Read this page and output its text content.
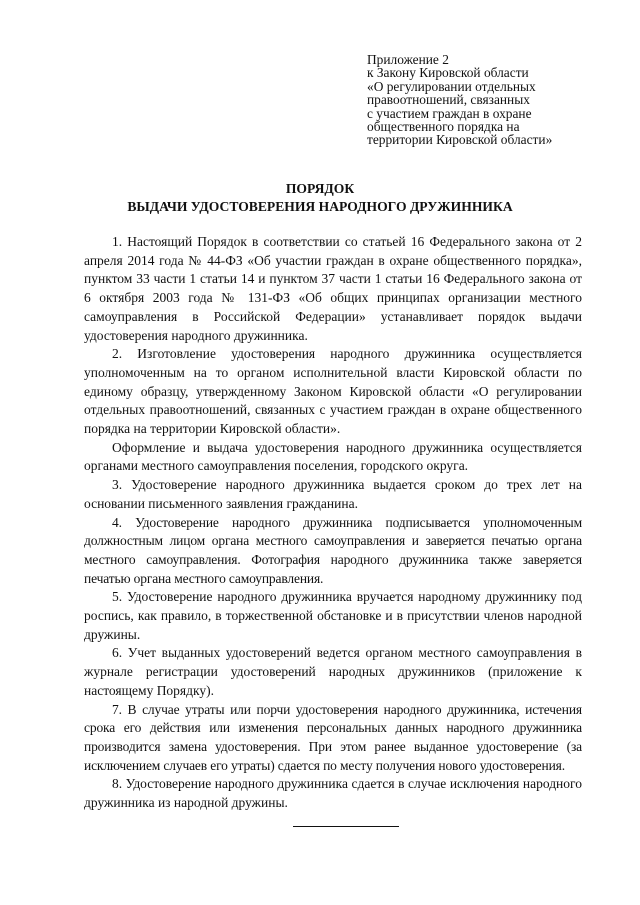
Приложение 2
к Закону Кировской области
«О регулировании отдельных
правоотношений, связанных
с участием граждан в охране
общественного порядка на
территории Кировской области»
ПОРЯДОК
ВЫДАЧИ УДОСТОВЕРЕНИЯ НАРОДНОГО ДРУЖИННИКА

1. Настоящий Порядок в соответствии со статьей 16 Федерального закона от 2 апреля 2014 года № 44-ФЗ «Об участии граждан в охране общественного порядка», пунктом 33 части 1 статьи 14 и пунктом 37 части 1 статьи 16 Федерального закона от 6 октября 2003 года № 131-ФЗ «Об общих принципах организации местного самоуправления в Российской Федерации» устанавливает порядок выдачи удостоверения народного дружинника.

2. Изготовление удостоверения народного дружинника осуществляется уполномоченным на то органом исполнительной власти Кировской области по единому образцу, утвержденному Законом Кировской области «О регулировании отдельных правоотношений, связанных с участием граждан в охране общественного порядка на территории Кировской области».

Оформление и выдача удостоверения народного дружинника осуществляется органами местного самоуправления поселения, городского округа.

3. Удостоверение народного дружинника выдается сроком до трех лет на основании письменного заявления гражданина.

4. Удостоверение народного дружинника подписывается уполномоченным должностным лицом органа местного самоуправления и заверяется печатью органа местного самоуправления. Фотография народного дружинника также заверяется печатью органа местного самоуправления.

5. Удостоверение народного дружинника вручается народному дружиннику под роспись, как правило, в торжественной обстановке и в присутствии членов народной дружины.

6. Учет выданных удостоверений ведется органом местного самоуправления в журнале регистрации удостоверений народных дружинников (приложение к настоящему Порядку).

7. В случае утраты или порчи удостоверения народного дружинника, истечения срока его действия или изменения персональных данных народного дружинника производится замена удостоверения. При этом ранее выданное удостоверение (за исключением случаев его утраты) сдается по месту получения нового удостоверения.

8. Удостоверение народного дружинника сдается в случае исключения народного дружинника из народной дружины.
